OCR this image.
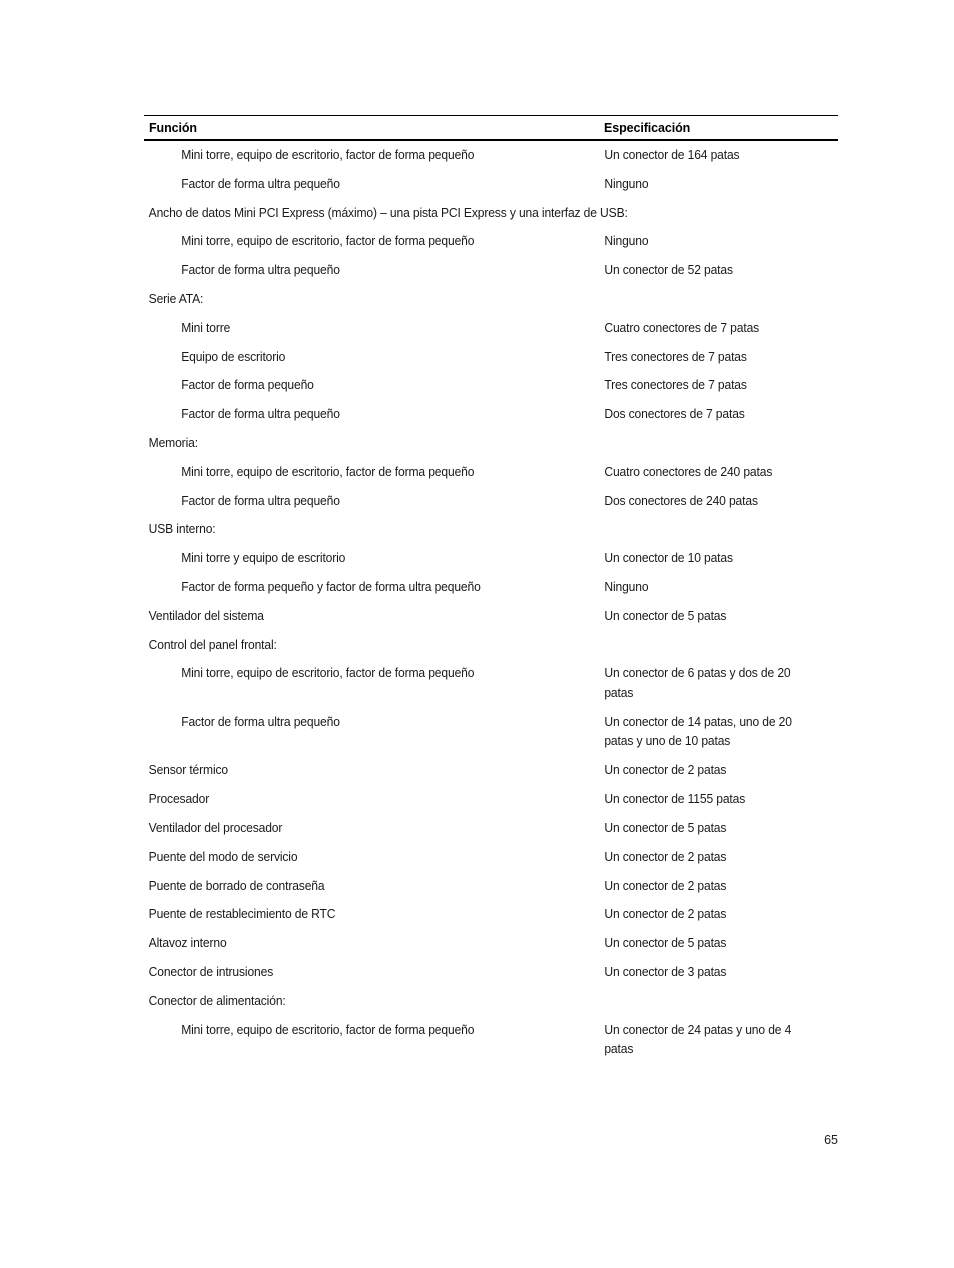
Función	Especificación
Mini torre, equipo de escritorio, factor de forma pequeño	Un conector de 164 patas
Factor de forma ultra pequeño	Ninguno
Ancho de datos Mini PCI Express (máximo) – una pista PCI Express y una interfaz de USB:
Mini torre, equipo de escritorio, factor de forma pequeño	Ninguno
Factor de forma ultra pequeño	Un conector de 52 patas
Serie ATA:
Mini torre	Cuatro conectores de 7 patas
Equipo de escritorio	Tres conectores de 7 patas
Factor de forma pequeño	Tres conectores de 7 patas
Factor de forma ultra pequeño	Dos conectores de 7 patas
Memoria:
Mini torre, equipo de escritorio, factor de forma pequeño	Cuatro conectores de 240 patas
Factor de forma ultra pequeño	Dos conectores de 240 patas
USB interno:
Mini torre y equipo de escritorio	Un conector de 10 patas
Factor de forma pequeño y factor de forma ultra pequeño	Ninguno
Ventilador del sistema	Un conector de 5 patas
Control del panel frontal:
Mini torre, equipo de escritorio, factor de forma pequeño	Un conector de 6 patas y dos de 20 patas
Factor de forma ultra pequeño	Un conector de 14 patas, uno de 20 patas y uno de 10 patas
Sensor térmico	Un conector de 2 patas
Procesador	Un conector de 1155 patas
Ventilador del procesador	Un conector de 5 patas
Puente del modo de servicio	Un conector de 2 patas
Puente de borrado de contraseña	Un conector de 2 patas
Puente de restablecimiento de RTC	Un conector de 2 patas
Altavoz interno	Un conector de 5 patas
Conector de intrusiones	Un conector de 3 patas
Conector de alimentación:
Mini torre, equipo de escritorio, factor de forma pequeño	Un conector de 24 patas y uno de 4 patas
65
